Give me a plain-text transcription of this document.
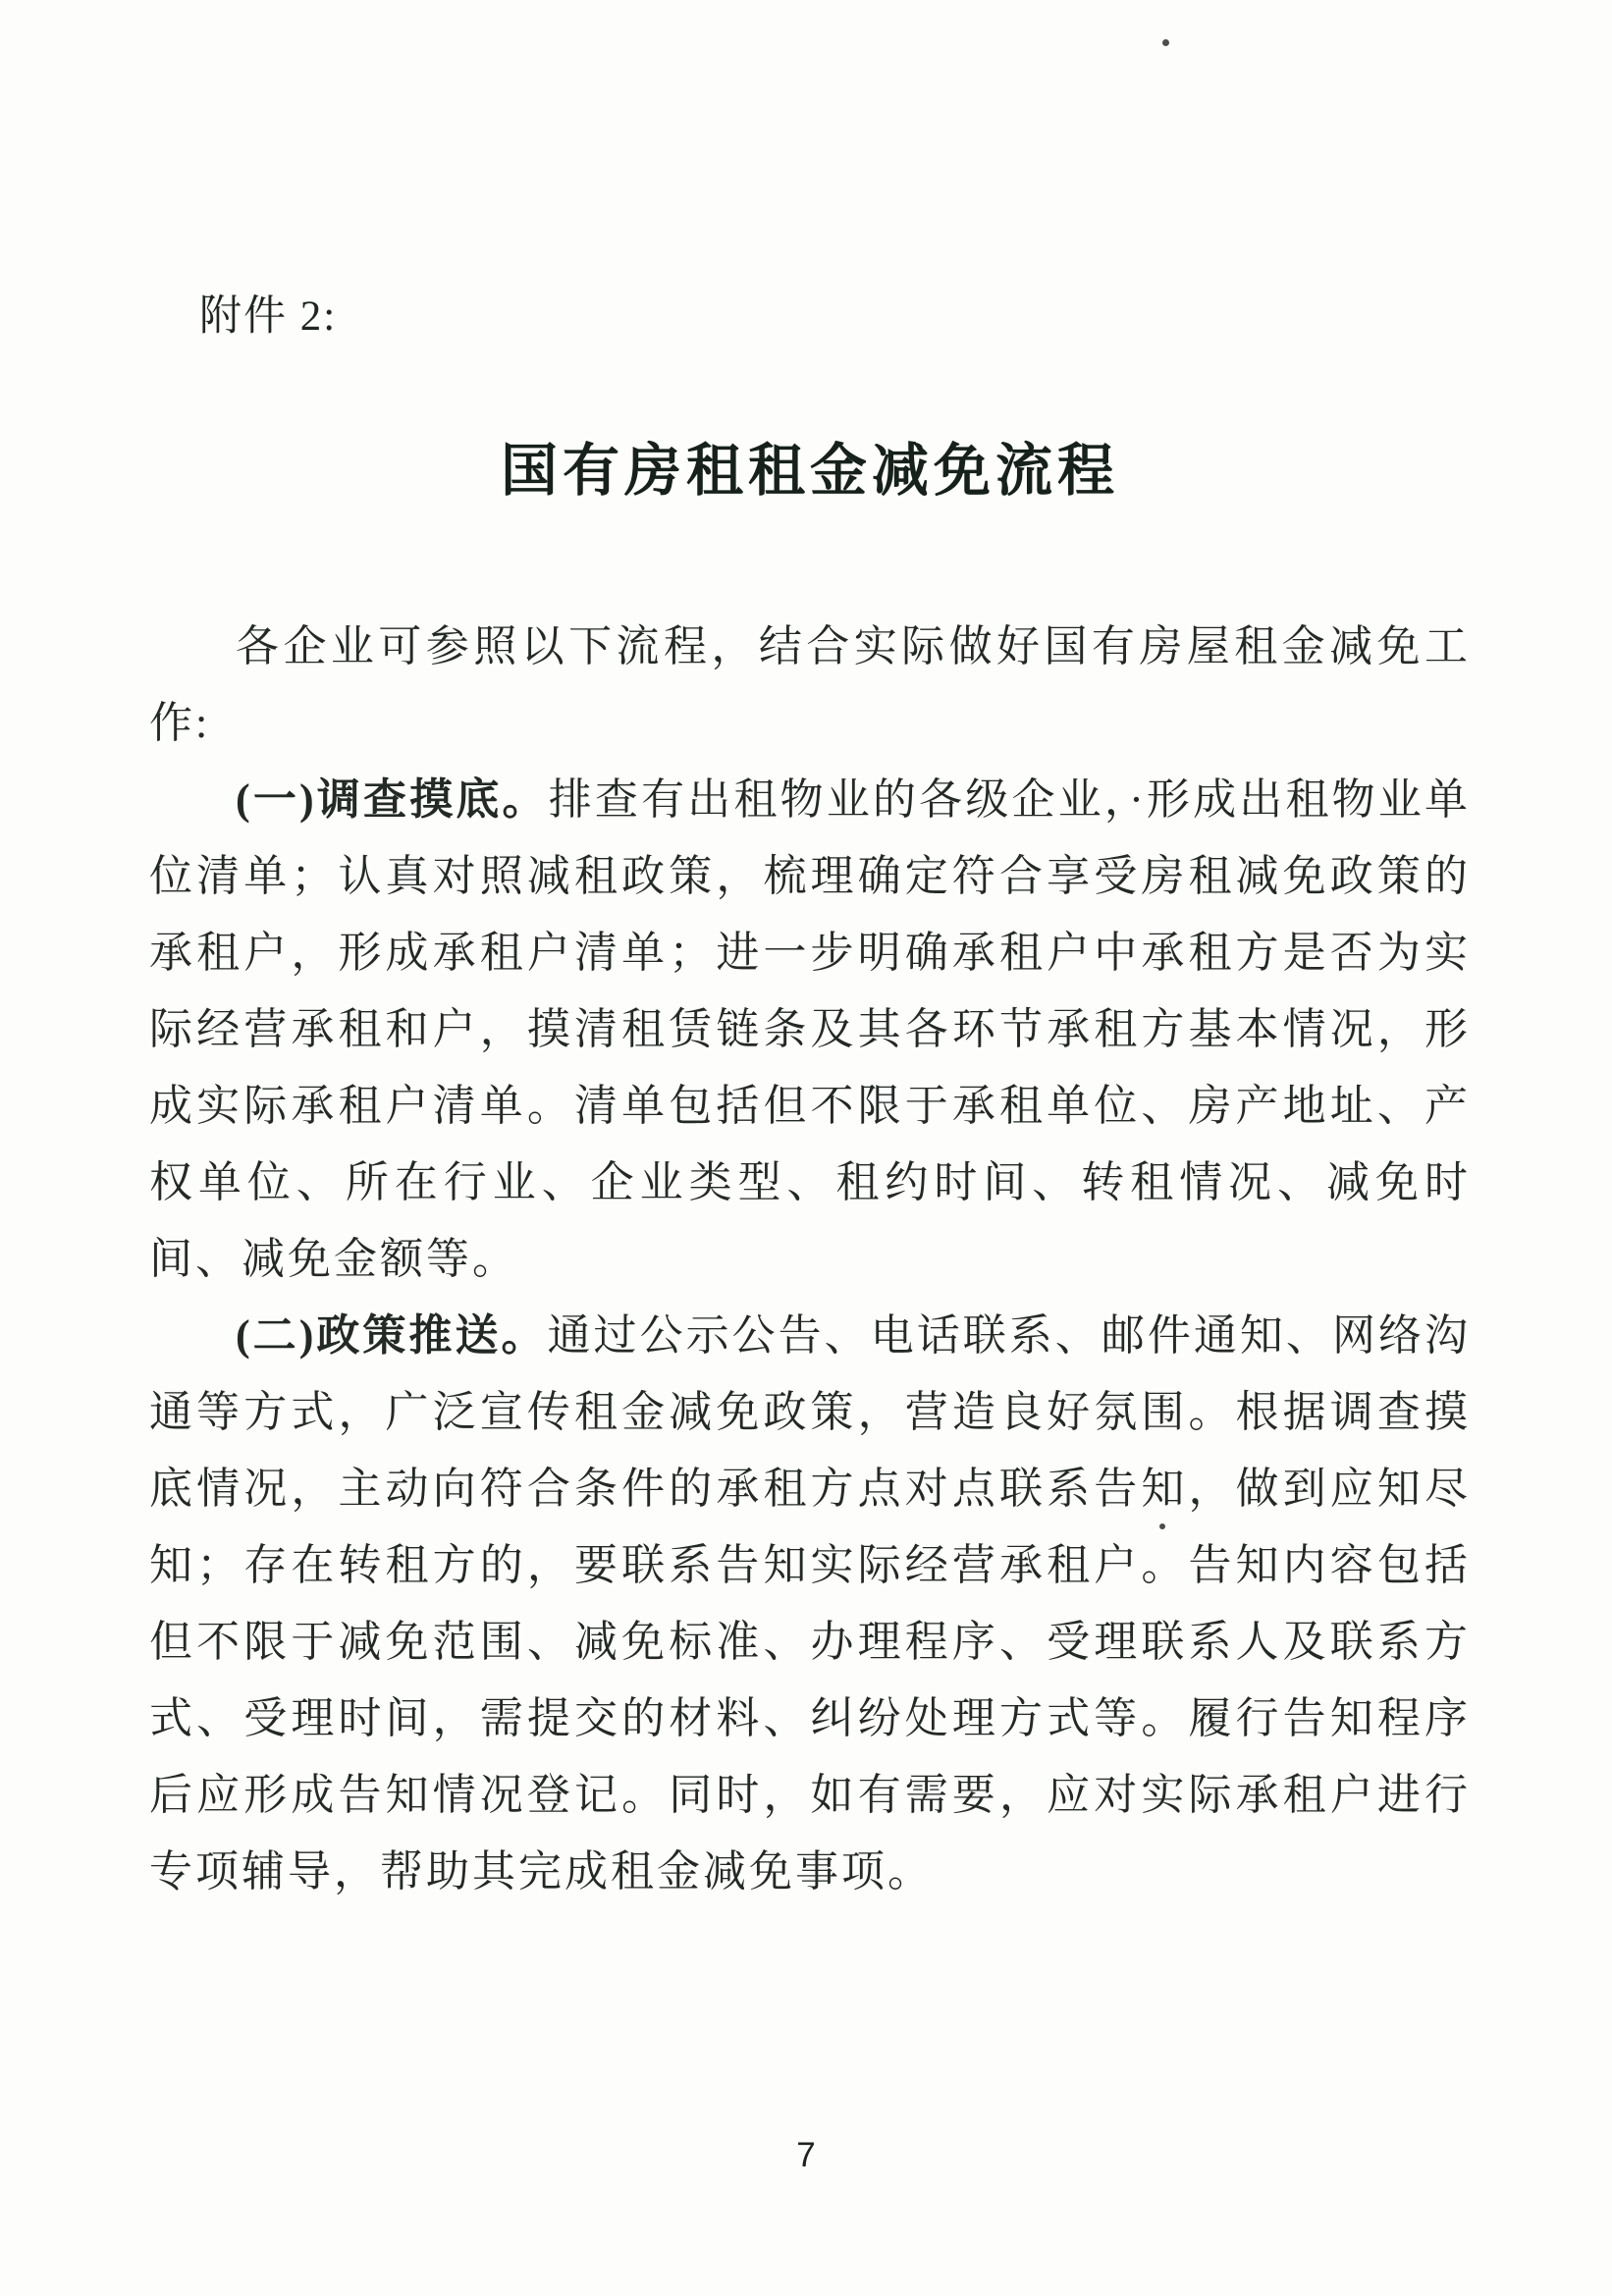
附件 2:
国有房租租金减免流程

各企业可参照以下流程，结合实际做好国有房屋租金减免工作:

(一)调查摸底。排查有出租物业的各级企业，·形成出租物业单位清单；认真对照减租政策，梳理确定符合享受房租减免政策的承租户，形成承租户清单；进一步明确承租户中承租方是否为实际经营承租和户，摸清租赁链条及其各环节承租方基本情况，形成实际承租户清单。清单包括但不限于承租单位、房产地址、产权单位、所在行业、企业类型、租约时间、转租情况、减免时间、减免金额等。

(二)政策推送。通过公示公告、电话联系、邮件通知、网络沟通等方式，广泛宣传租金减免政策，营造良好氛围。根据调查摸底情况，主动向符合条件的承租方点对点联系告知，做到应知尽知；存在转租方的，要联系告知实际经营承租户。告知内容包括但不限于减免范围、减免标准、办理程序、受理联系人及联系方式、受理时间，需提交的材料、纠纷处理方式等。履行告知程序后应形成告知情况登记。同时，如有需要，应对实际承租户进行专项辅导，帮助其完成租金减免事项。

7
